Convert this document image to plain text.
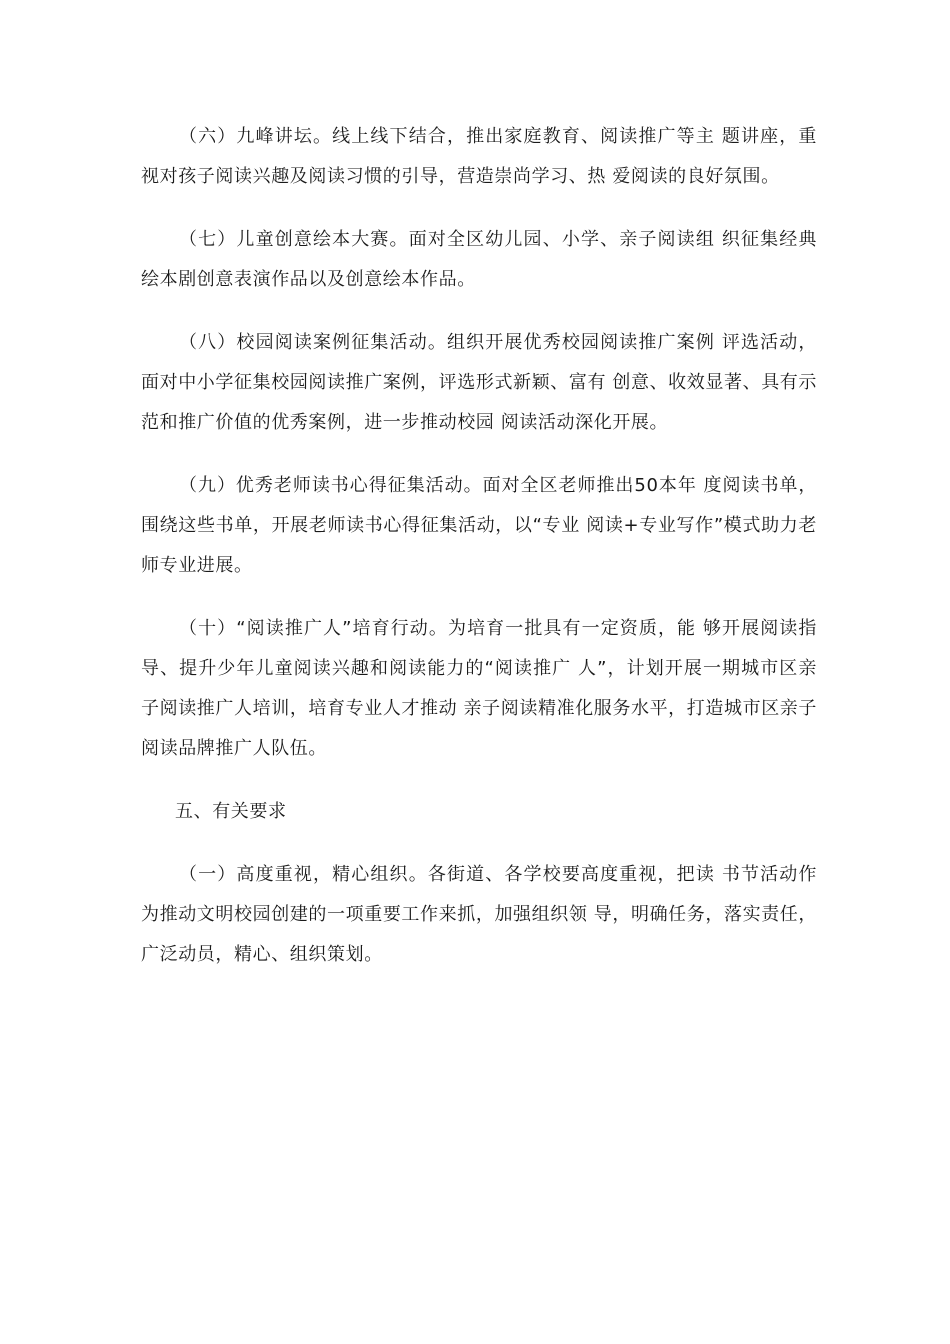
（六）九峰讲坛。线上线下结合，推出家庭教育、阅读推广等主 题讲座，重视对孩子阅读兴趣及阅读习惯的引导，营造崇尚学习、热 爱阅读的良好氛围。

（七）儿童创意绘本大赛。面对全区幼儿园、小学、亲子阅读组 织征集经典绘本剧创意表演作品以及创意绘本作品。

（八）校园阅读案例征集活动。组织开展优秀校园阅读推广案例 评选活动，面对中小学征集校园阅读推广案例，评选形式新颖、富有 创意、收效显著、具有示范和推广价值的优秀案例，进一步推动校园 阅读活动深化开展。

（九）优秀老师读书心得征集活动。面对全区老师推出50本年 度阅读书单，围绕这些书单，开展老师读书心得征集活动，以“专业 阅读+专业写作”模式助力老师专业进展。

（十）“阅读推广人”培育行动。为培育一批具有一定资质，能 够开展阅读指导、提升少年儿童阅读兴趣和阅读能力的“阅读推广 人”，计划开展一期城市区亲子阅读推广人培训，培育专业人才推动 亲子阅读精准化服务水平，打造城市区亲子阅读品牌推广人队伍。

五、有关要求

（一）高度重视，精心组织。各街道、各学校要高度重视，把读 书节活动作为推动文明校园创建的一项重要工作来抓，加强组织领 导，明确任务，落实责任，广泛动员，精心、组织策划。
